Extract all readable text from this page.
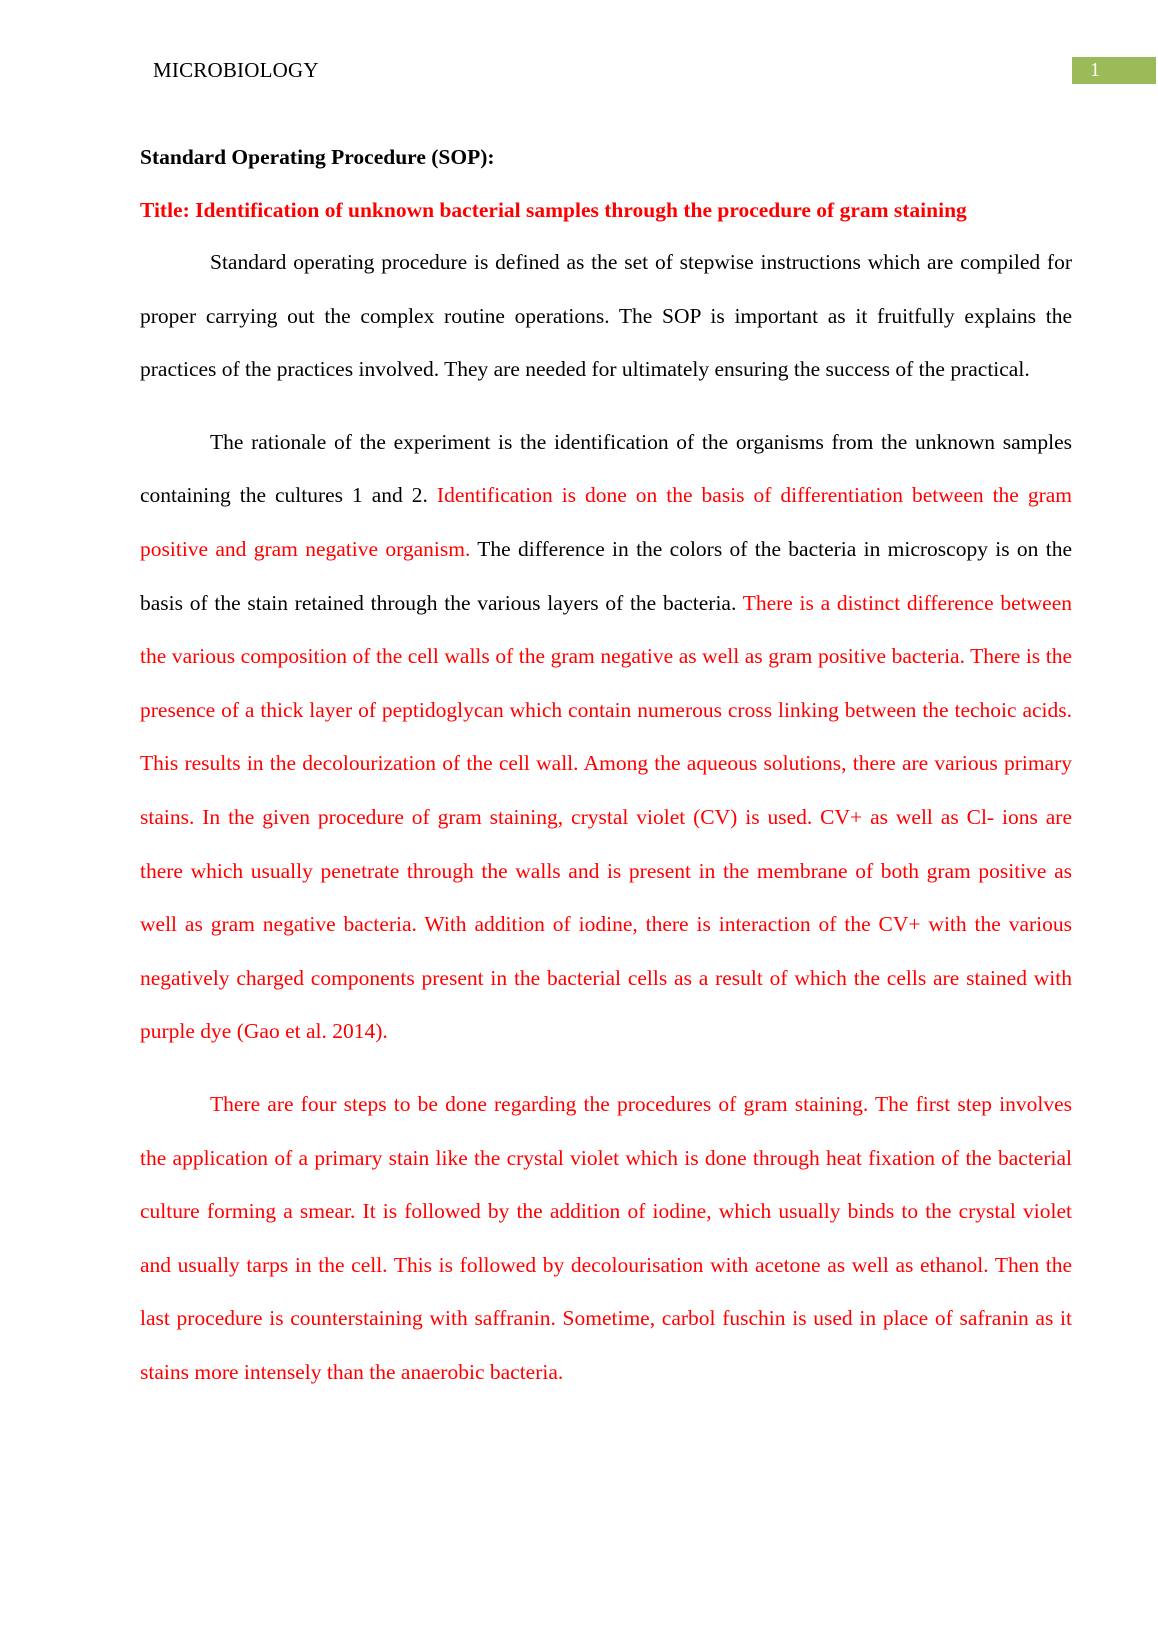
MICROBIOLOGY	1

Standard Operating Procedure (SOP):

Title: Identification of unknown bacterial samples through the procedure of gram staining

Standard operating procedure is defined as the set of stepwise instructions which are compiled for proper carrying out the complex routine operations. The SOP is important as it fruitfully explains the practices of the practices involved. They are needed for ultimately ensuring the success of the practical.

The rationale of the experiment is the identification of the organisms from the unknown samples containing the cultures 1 and 2. Identification is done on the basis of differentiation between the gram positive and gram negative organism. The difference in the colors of the bacteria in microscopy is on the basis of the stain retained through the various layers of the bacteria. There is a distinct difference between the various composition of the cell walls of the gram negative as well as gram positive bacteria. There is the presence of a thick layer of peptidoglycan which contain numerous cross linking between the techoic acids. This results in the decolourization of the cell wall. Among the aqueous solutions, there are various primary stains. In the given procedure of gram staining, crystal violet (CV) is used. CV+ as well as Cl- ions are there which usually penetrate through the walls and is present in the membrane of both gram positive as well as gram negative bacteria. With addition of iodine, there is interaction of the CV+ with the various negatively charged components present in the bacterial cells as a result of which the cells are stained with purple dye (Gao et al. 2014).

There are four steps to be done regarding the procedures of gram staining. The first step involves the application of a primary stain like the crystal violet which is done through heat fixation of the bacterial culture forming a smear. It is followed by the addition of iodine, which usually binds to the crystal violet and usually tarps in the cell. This is followed by decolourisation with acetone as well as ethanol. Then the last procedure is counterstaining with saffranin. Sometime, carbol fuschin is used in place of safranin as it stains more intensely than the anaerobic bacteria.
